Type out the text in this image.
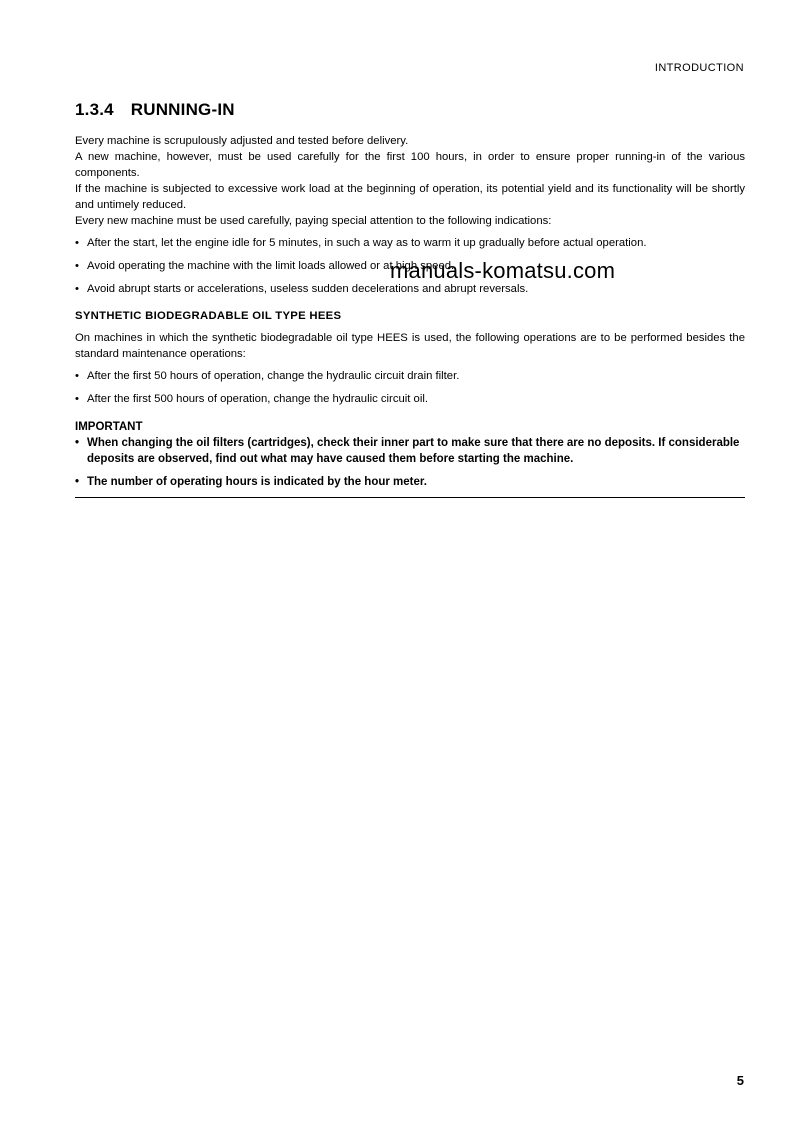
INTRODUCTION
1.3.4 RUNNING-IN

Every machine is scrupulously adjusted and tested before delivery.

A new machine, however, must be used carefully for the first 100 hours, in order to ensure proper running-in of the various components.

If the machine is subjected to excessive work load at the beginning of operation, its potential yield and its functionality will be shortly and untimely reduced.

Every new machine must be used carefully, paying special attention to the following indications:

• After the start, let the engine idle for 5 minutes, in such a way as to warm it up gradually before actual operation.
• Avoid operating the machine with the limit loads allowed or at high speed.
• Avoid abrupt starts or accelerations, useless sudden decelerations and abrupt reversals.
SYNTHETIC BIODEGRADABLE OIL TYPE HEES

On machines in which the synthetic biodegradable oil type HEES is used, the following operations are to be performed besides the standard maintenance operations:

• After the first 50 hours of operation, change the hydraulic circuit drain filter.
• After the first 500 hours of operation, change the hydraulic circuit oil.
IMPORTANT
• When changing the oil filters (cartridges), check their inner part to make sure that there are no deposits. If considerable deposits are observed, find out what may have caused them before starting the machine.
• The number of operating hours is indicated by the hour meter.
manuals-komatsu.com
5
